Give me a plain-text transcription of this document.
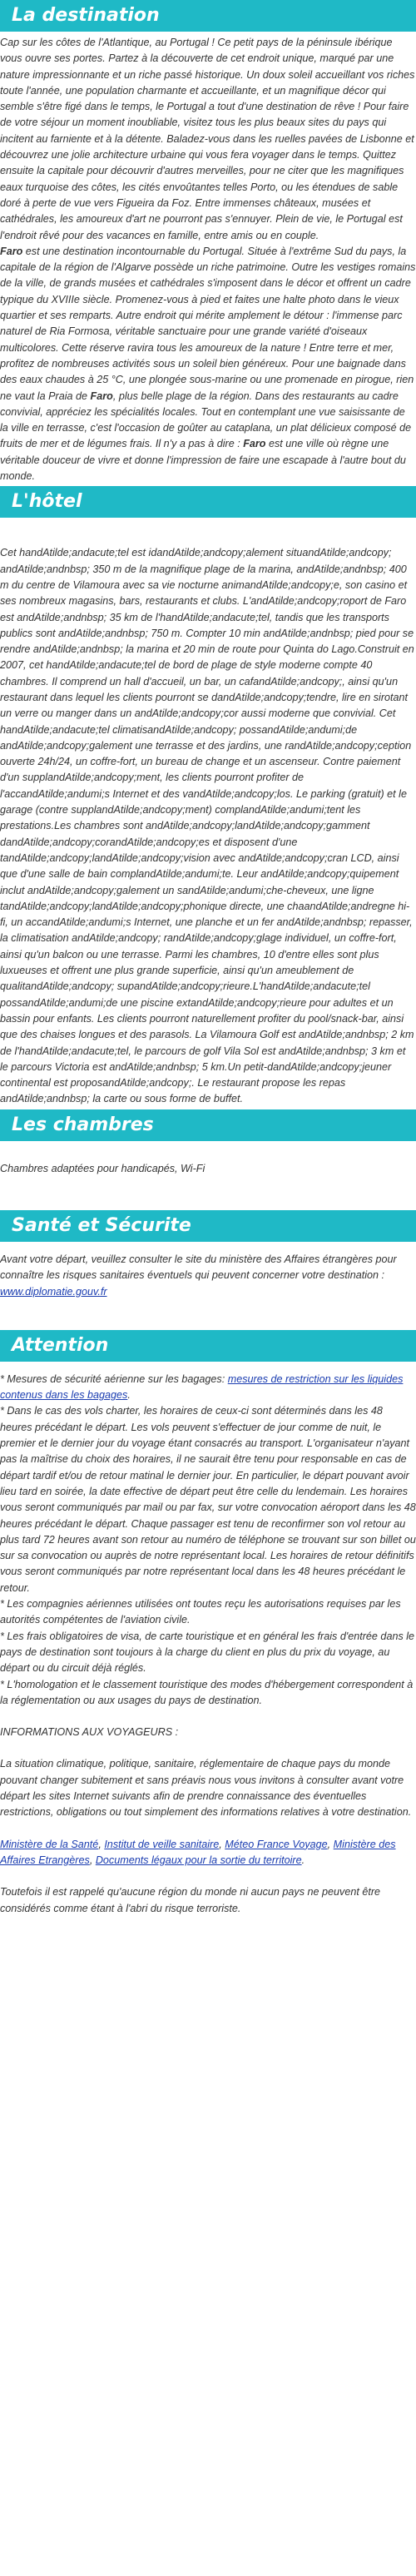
La destination

Cap sur les côtes de l'Atlantique, au Portugal ! Ce petit pays de la péninsule ibérique vous ouvre ses portes. Partez à la découverte de cet endroit unique, marqué par une nature impressionnante et un riche passé historique. Un doux soleil accueillant vos riches toute l'année, une population charmante et accueillante, et un magnifique décor qui semble s'être figé dans le temps, le Portugal a tout d'une destination de rêve ! Pour faire de votre séjour un moment inoubliable, visitez tous les plus beaux sites du pays qui incitent au farniente et à la détente. Baladez-vous dans les ruelles pavées de Lisbonne et découvrez une jolie architecture urbaine qui vous fera voyager dans le temps. Quittez ensuite la capitale pour découvrir d'autres merveilles, pour ne citer que les magnifiques eaux turquoise des côtes, les cités envoûtantes telles Porto, ou les étendues de sable doré à perte de vue vers Figueira da Foz. Entre immenses châteaux, musées et cathédrales, les amoureux d'art ne pourront pas s'ennuyer. Plein de vie, le Portugal est l'endroit rêvé pour des vacances en famille, entre amis ou en couple.

Faro est une destination incontournable du Portugal. Située à l'extrême Sud du pays, la capitale de la région de l'Algarve possède un riche patrimoine. Outre les vestiges romains de la ville, de grands musées et cathédrales s'imposent dans le décor et offrent un cadre typique du XVIIIe siècle. Promenez-vous à pied et faites une halte photo dans le vieux quartier et ses remparts. Autre endroit qui mérite amplement le détour : l'immense parc naturel de Ria Formosa, véritable sanctuaire pour une grande variété d'oiseaux multicolores. Cette réserve ravira tous les amoureux de la nature ! Entre terre et mer, profitez de nombreuses activités sous un soleil bien généreux. Pour une baignade dans des eaux chaudes à 25 °C, une plongée sous-marine ou une promenade en pirogue, rien ne vaut la Praia de Faro, plus belle plage de la région. Dans des restaurants au cadre convivial, appréciez les spécialités locales. Tout en contemplant une vue saisissante de la ville en terrasse, c'est l'occasion de goûter au cataplana, un plat délicieux composé de fruits de mer et de légumes frais. Il n'y a pas à dire : Faro est une ville où règne une véritable douceur de vivre et donne l'impression de faire une escapade à l'autre bout du monde.

L'hôtel

Cet handAtilde;andacute;tel est idandAtilde;andcopy;alement situandAtilde;andcopy; andAtilde;andnbsp; 350 m de la magnifique plage de la marina, andAtilde;andnbsp; 400 m du centre de Vilamoura avec sa vie nocturne animandAtilde;andcopy;e, son casino et ses nombreux magasins, bars, restaurants et clubs. L'andAtilde;andcopy;roport de Faro est andAtilde;andnbsp; 35 km de l'handAtilde;andacute;tel, tandis que les transports publics sont andAtilde;andnbsp; 750 m. Compter 10 min andAtilde;andnbsp; pied pour se rendre andAtilde;andnbsp; la marina et 20 min de route pour Quinta do Lago.Construit en 2007, cet handAtilde;andacute;tel de bord de plage de style moderne compte 40 chambres. Il comprend un hall d'accueil, un bar, un cafandAtilde;andcopy;, ainsi qu'un restaurant dans lequel les clients pourront se dandAtilde;andcopy;tendre, lire en sirotant un verre ou manger dans un andAtilde;andcopy;cor aussi moderne que convivial. Cet handAtilde;andacute;tel climatisandAtilde;andcopy; possandAtilde;andumi;de andAtilde;andcopy;galement une terrasse et des jardins, une randAtilde;andcopy;ception ouverte 24h/24, un coffre-fort, un bureau de change et un ascenseur. Contre paiement d'un supplandAtilde;andcopy;ment, les clients pourront profiter de l'accandAtilde;andumi;s Internet et des vandAtilde;andcopy;los. Le parking (gratuit) et le garage (contre supplandAtilde;andcopy;ment) complandAtilde;andumi;tent les prestations.Les chambres sont andAtilde;andcopy;landAtilde;andcopy;gamment dandAtilde;andcopy;corandAtilde;andcopy;es et disposent d'une tandAtilde;andcopy;landAtilde;andcopy;vision avec andAtilde;andcopy;cran LCD, ainsi que d'une salle de bain complandAtilde;andumi;te. Leur andAtilde;andcopy;quipement inclut andAtilde;andcopy;galement un sandAtilde;andumi;che-cheveux, une ligne tandAtilde;andcopy;landAtilde;andcopy;phonique directe, une chaandAtilde;andregne hi-fi, un accandAtilde;andumi;s Internet, une planche et un fer andAtilde;andnbsp; repasser, la climatisation andAtilde;andcopy; randAtilde;andcopy;glage individuel, un coffre-fort, ainsi qu'un balcon ou une terrasse. Parmi les chambres, 10 d'entre elles sont plus luxueuses et offrent une plus grande superficie, ainsi qu'un ameublement de qualitandAtilde;andcopy; supandAtilde;andcopy;rieure.L'handAtilde;andacute;tel possandAtilde;andumi;de une piscine extandAtilde;andcopy;rieure pour adultes et un bassin pour enfants. Les clients pourront naturellement profiter du pool/snack-bar, ainsi que des chaises longues et des parasols. La Vilamoura Golf est andAtilde;andnbsp; 2 km de l'handAtilde;andacute;tel, le parcours de golf Vila Sol est andAtilde;andnbsp; 3 km et le parcours Victoria est andAtilde;andnbsp; 5 km.Un petit-dandAtilde;andcopy;jeuner continental est proposandAtilde;andcopy;. Le restaurant propose les repas andAtilde;andnbsp; la carte ou sous forme de buffet.

Les chambres

Chambres adaptées pour handicapés, Wi-Fi

Santé et Sécurite

Avant votre départ, veuillez consulter le site du ministère des Affaires étrangères pour connaître les risques sanitaires éventuels qui peuvent concerner votre destination : www.diplomatie.gouv.fr

Attention

* Mesures de sécurité aérienne sur les bagages: mesures de restriction sur les liquides contenus dans les bagages.

* Dans le cas des vols charter, les horaires de ceux-ci sont déterminés dans les 48 heures précédant le départ. Les vols peuvent s'effectuer de jour comme de nuit, le premier et le dernier jour du voyage étant consacrés au transport. L'organisateur n'ayant pas la maîtrise du choix des horaires, il ne saurait être tenu pour responsable en cas de départ tardif et/ou de retour matinal le dernier jour. En particulier, le départ pouvant avoir lieu tard en soirée, la date effective de départ peut être celle du lendemain. Les horaires vous seront communiqués par mail ou par fax, sur votre convocation aéroport dans les 48 heures précédant le départ. Chaque passager est tenu de reconfirmer son vol retour au plus tard 72 heures avant son retour au numéro de téléphone se trouvant sur son billet ou sur sa convocation ou auprès de notre représentant local. Les horaires de retour définitifs vous seront communiqués par notre représentant local dans les 48 heures précédant le retour.

* Les compagnies aériennes utilisées ont toutes reçu les autorisations requises par les autorités compétentes de l'aviation civile.

* Les frais obligatoires de visa, de carte touristique et en général les frais d'entrée dans le pays de destination sont toujours à la charge du client en plus du prix du voyage, au départ ou du circuit déjà réglés.

* L'homologation et le classement touristique des modes d'hébergement correspondent à la réglementation ou aux usages du pays de destination.

INFORMATIONS AUX VOYAGEURS :

La situation climatique, politique, sanitaire, réglementaire de chaque pays du monde pouvant changer subitement et sans préavis nous vous invitons à consulter avant votre départ les sites Internet suivants afin de prendre connaissance des éventuelles restrictions, obligations ou tout simplement des informations relatives à votre destination.

Ministère de la Santé, Institut de veille sanitaire, Méteo France Voyage, Ministère des Affaires Etrangères, Documents légaux pour la sortie du territoire.

Toutefois il est rappelé qu'aucune région du monde ni aucun pays ne peuvent être considérés comme étant à l'abri du risque terroriste.
